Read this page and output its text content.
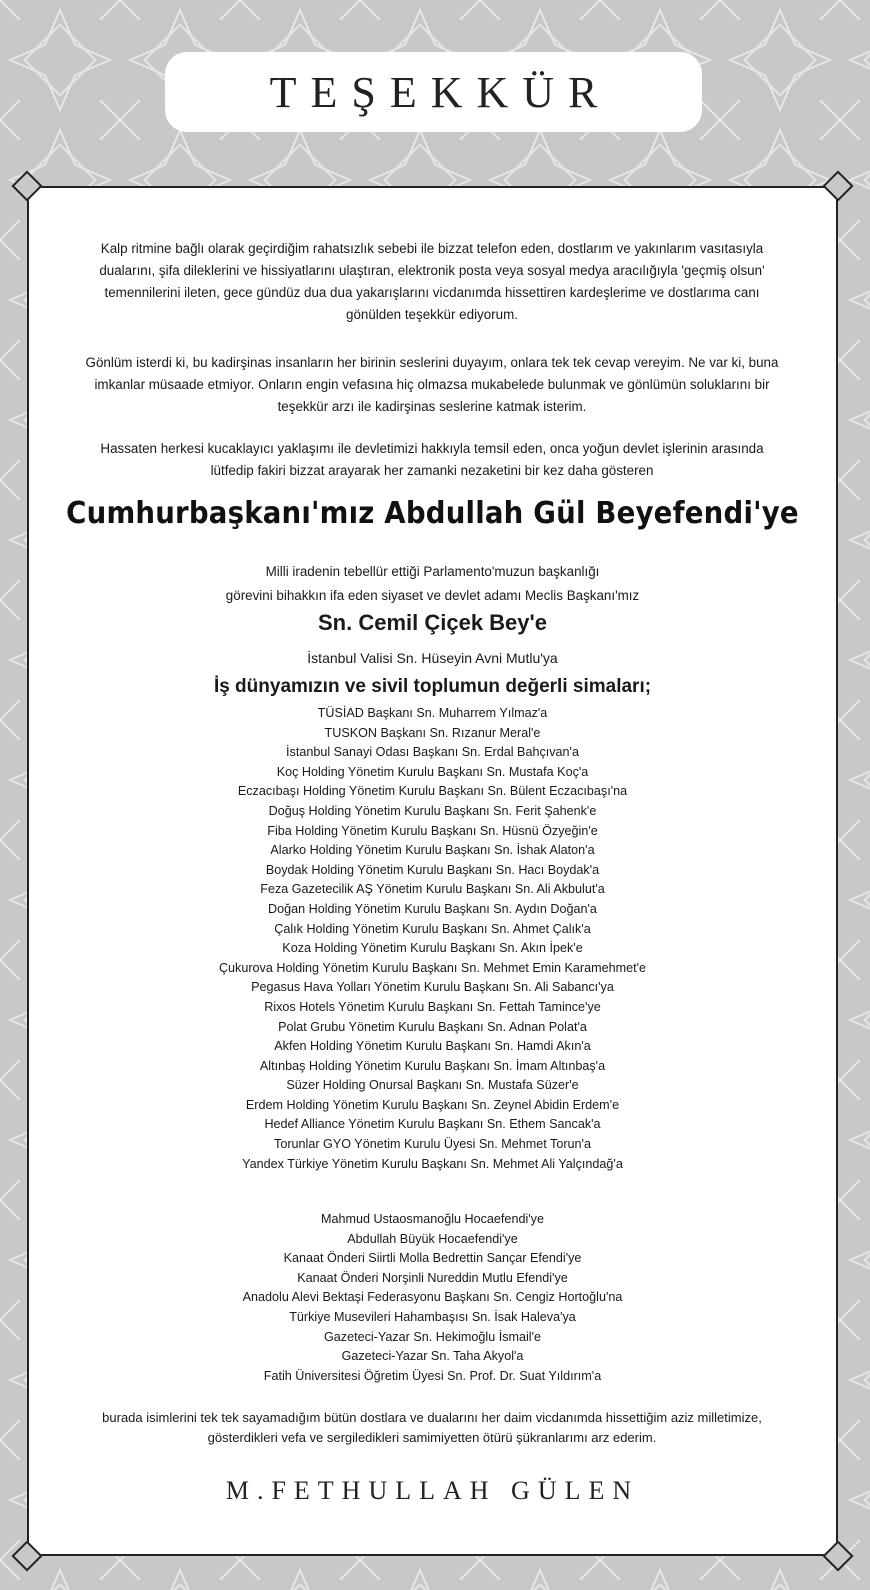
TEŞEKKÜR

Kalp ritmine bağlı olarak geçirdiğim rahatsızlık sebebi ile bizzat telefon eden, dostlarım ve yakınlarım vasıtasıyla dualarını, şifa dileklerini ve hissiyatlarını ulaştıran, elektronik posta veya sosyal medya aracılığıyla 'geçmiş olsun' temennilerini ileten, gece gündüz dua dua yakarışlarını vicdanımda hissettiren kardeşlerime ve dostlarıma canı gönülden teşekkür ediyorum.

Gönlüm isterdi ki, bu kadirşinas insanların her birinin seslerini duyayım, onlara tek tek cevap vereyim. Ne var ki, buna imkanlar müsaade etmiyor. Onların engin vefasına hiç olmazsa mukabelede bulunmak ve gönlümün soluklarını bir teşekkür arzı ile kadirşinas seslerine katmak isterim.

Hassaten herkesi kucaklayıcı yaklaşımı ile devletimizi hakkıyla temsil eden, onca yoğun devlet işlerinin arasında lütfedip fakiri bizzat arayarak her zamanki nezaketini bir kez daha gösteren

Cumhurbaşkanı'mız Abdullah Gül Beyefendi'ye
Milli iradenin tebellür ettiği Parlamento'muzun başkanlığı
görevini bihakkın ifa eden siyaset ve devlet adamı Meclis Başkanı'mız
Sn. Cemil Çiçek Bey'e
İstanbul Valisi Sn. Hüseyin Avni Mutlu'ya
İş dünyamızın ve sivil toplumun değerli simaları;
TÜSİAD Başkanı Sn. Muharrem Yılmaz'a
TUSKON Başkanı Sn. Rızanur Meral'e
İstanbul Sanayi Odası Başkanı Sn. Erdal Bahçıvan'a
Koç Holding Yönetim Kurulu Başkanı Sn. Mustafa Koç'a
Eczacıbaşı Holding Yönetim Kurulu Başkanı Sn. Bülent Eczacıbaşı'na
Doğuş Holding Yönetim Kurulu Başkanı Sn. Ferit Şahenk'e
Fiba Holding Yönetim Kurulu Başkanı Sn. Hüsnü Özyeğin'e
Alarko Holding Yönetim Kurulu Başkanı Sn. İshak Alaton'a
Boydak Holding Yönetim Kurulu Başkanı Sn. Hacı Boydak'a
Feza Gazetecilik AŞ Yönetim Kurulu Başkanı Sn. Ali Akbulut'a
Doğan Holding Yönetim Kurulu Başkanı Sn. Aydın Doğan'a
Çalık Holding Yönetim Kurulu Başkanı Sn. Ahmet Çalık'a
Koza Holding Yönetim Kurulu Başkanı Sn. Akın İpek'e
Çukurova Holding Yönetim Kurulu Başkanı Sn. Mehmet Emin Karamehmet'e
Pegasus Hava Yolları Yönetim Kurulu Başkanı Sn. Ali Sabancı'ya
Rixos Hotels Yönetim Kurulu Başkanı Sn. Fettah Tamince'ye
Polat Grubu Yönetim Kurulu Başkanı Sn. Adnan Polat'a
Akfen Holding Yönetim Kurulu Başkanı Sn. Hamdi Akın'a
Altınbaş Holding Yönetim Kurulu Başkanı Sn. İmam Altınbaş'a
Süzer Holding Onursal Başkanı Sn. Mustafa Süzer'e
Erdem Holding Yönetim Kurulu Başkanı Sn. Zeynel Abidin Erdem'e
Hedef Alliance Yönetim Kurulu Başkanı Sn. Ethem Sancak'a
Torunlar GYO Yönetim Kurulu Üyesi Sn. Mehmet Torun'a
Yandex Türkiye Yönetim Kurulu Başkanı Sn. Mehmet Ali Yalçındağ'a
Mahmud Ustaosmanoğlu Hocaefendi'ye
Abdullah Büyük Hocaefendi'ye
Kanaat Önderi Siirtli Molla Bedrettin Sançar Efendi'ye
Kanaat Önderi Norşinli Nureddin Mutlu Efendi'ye
Anadolu Alevi Bektaşi Federasyonu Başkanı Sn. Cengiz Hortoğlu'na
Türkiye Musevileri Hahambaşısı Sn. İsak Haleva'ya
Gazeteci-Yazar Sn. Hekimoğlu İsmail'e
Gazeteci-Yazar Sn. Taha Akyol'a
Fatih Üniversitesi Öğretim Üyesi Sn. Prof. Dr. Suat Yıldırım'a

burada isimlerini tek tek sayamadığım bütün dostlara ve dualarını her daim vicdanımda hissettiğim aziz milletimize, gösterdikleri vefa ve sergiledikleri samimiyetten ötürü şükranlarımı arz ederim.

M.FETHULLAH GÜLEN
